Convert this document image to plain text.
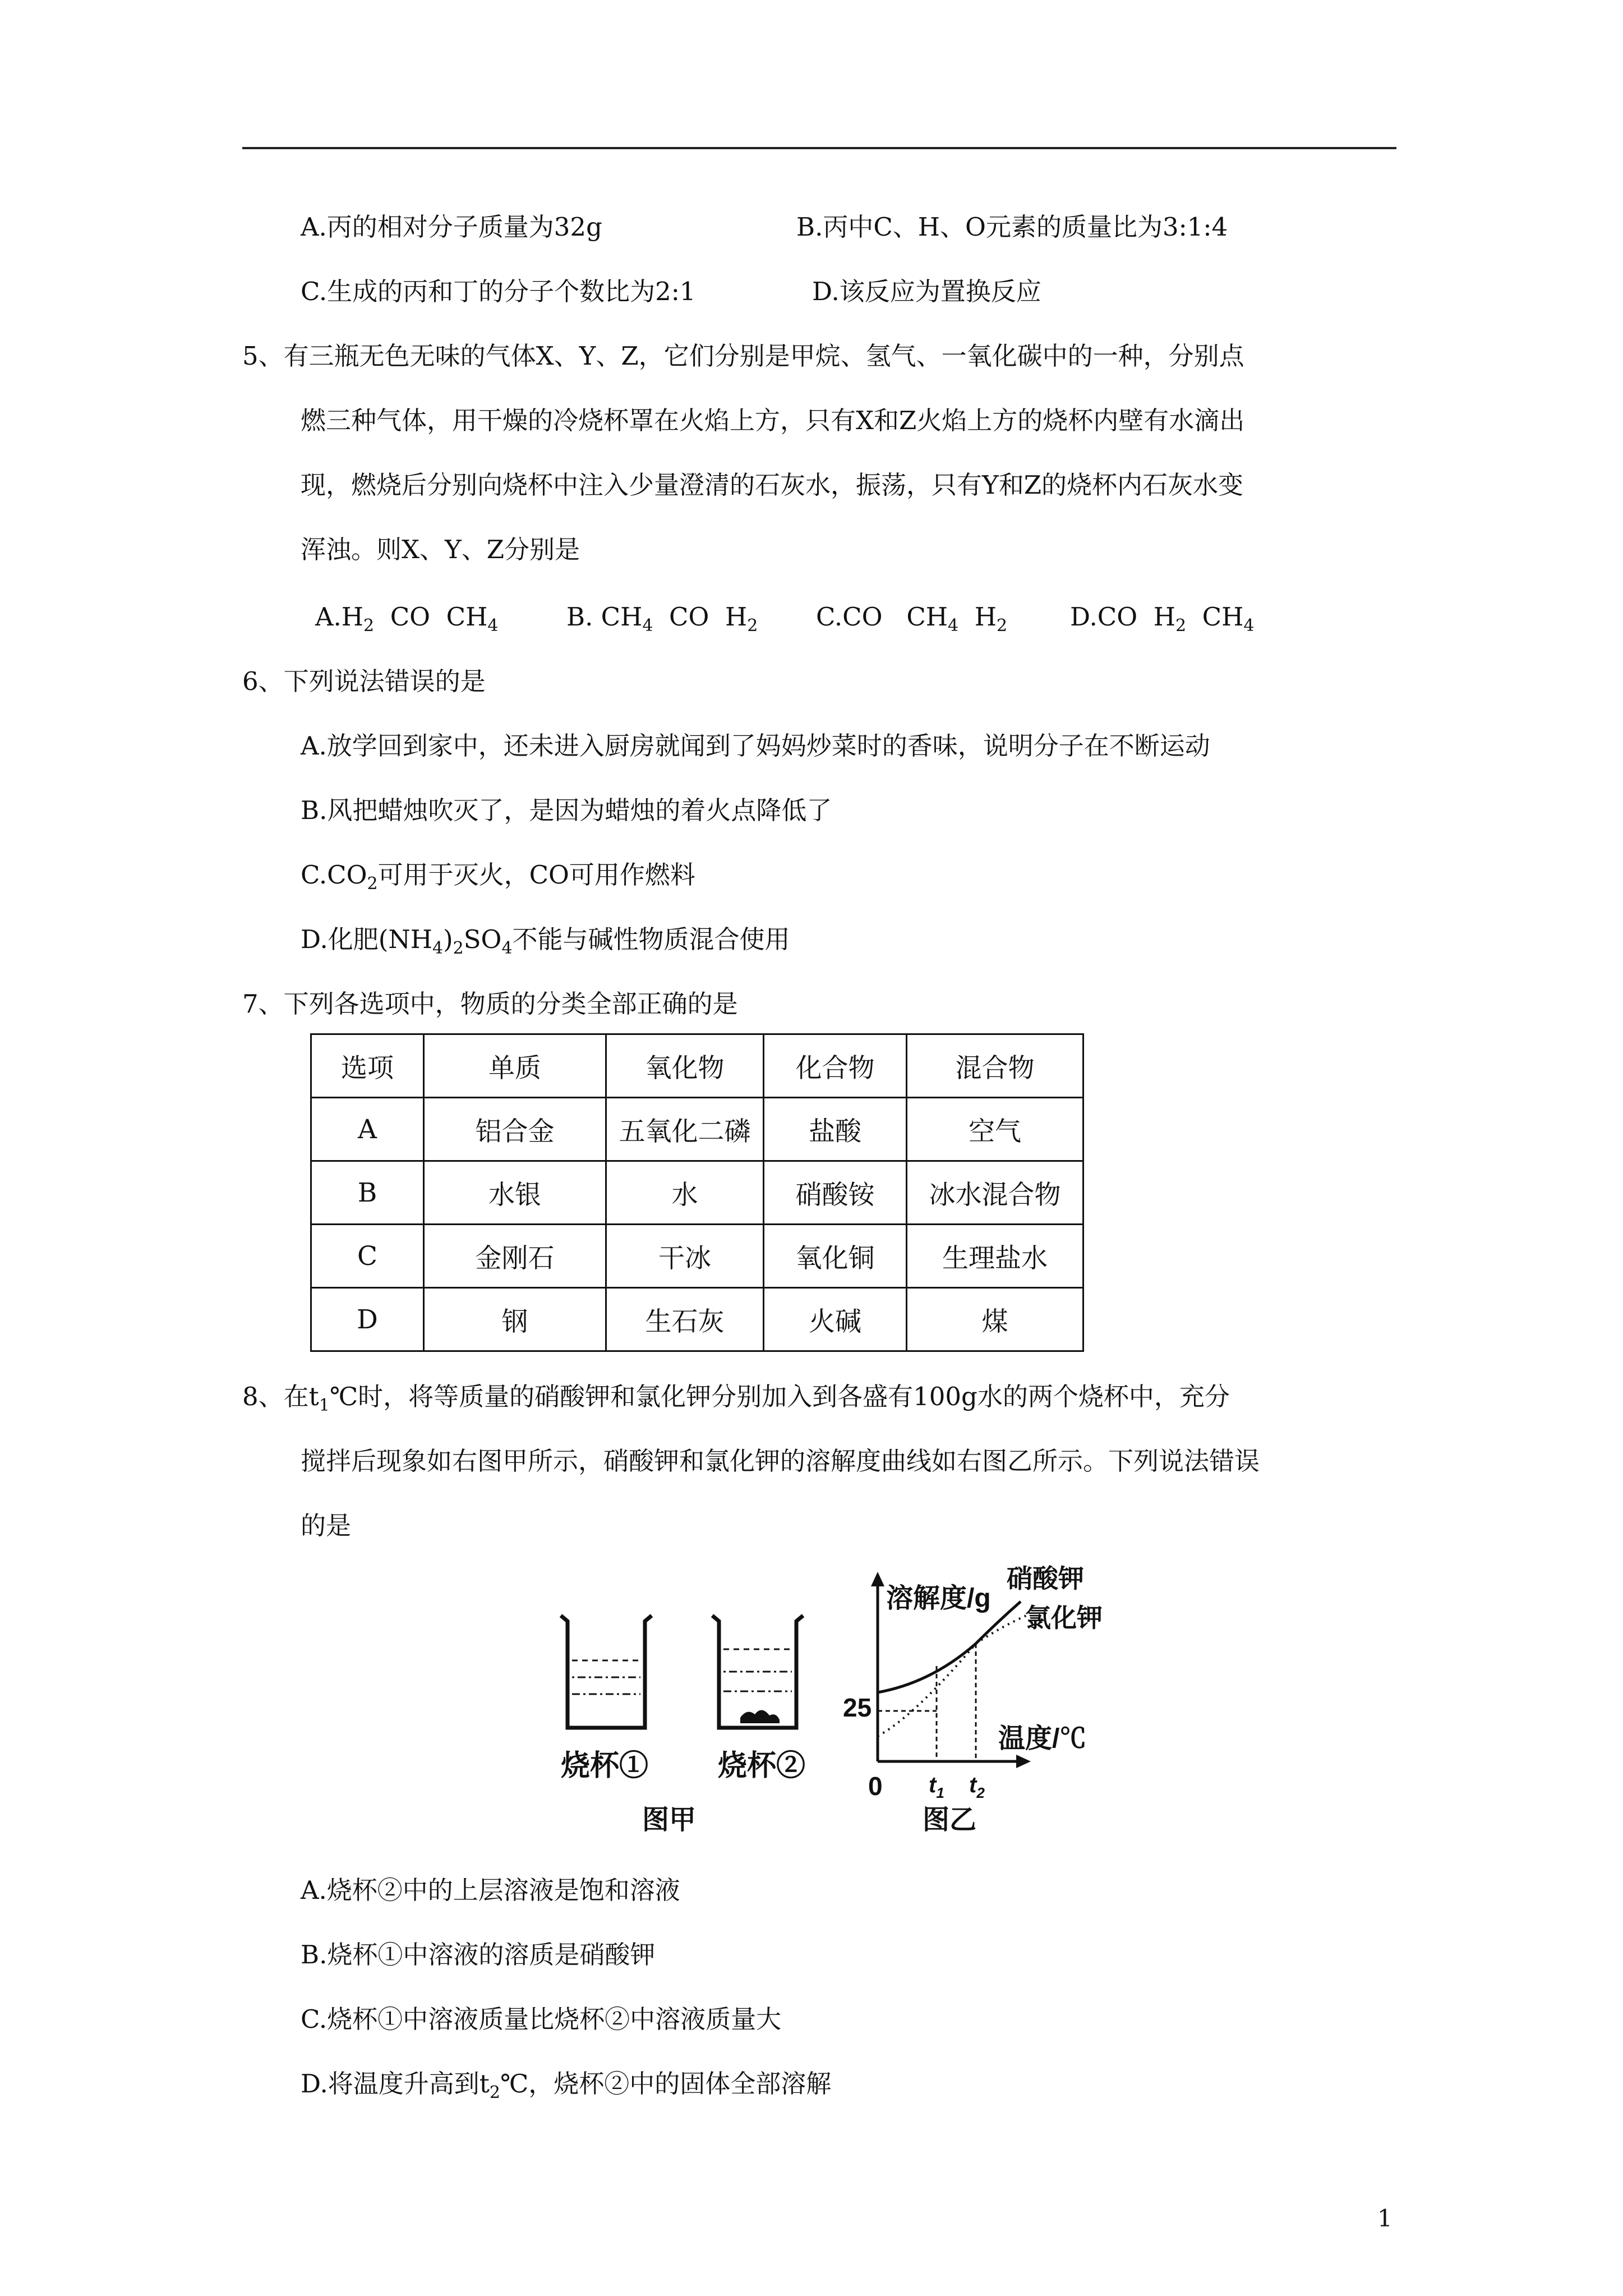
A.丙的相对分子质量为32g	B.丙中C、H、O元素的质量比为3:1:4
C.生成的丙和丁的分子个数比为2:1	D.该反应为置换反应
5、有三瓶无色无味的气体X、Y、Z，它们分别是甲烷、氢气、一氧化碳中的一种，分别点
燃三种气体，用干燥的冷烧杯罩在火焰上方，只有X和Z火焰上方的烧杯内壁有水滴出
现，燃烧后分别向烧杯中注入少量澄清的石灰水，振荡，只有Y和Z的烧杯内石灰水变
浑浊。则X、Y、Z分别是
$A.H_2$  CO  $CH_4$	B. $CH_4$  CO  $H_2$ C.CO   $CH_4$  $H_2$ D.CO  $H_2$  $CH_4$
6、下列说法错误的是
A.放学回到家中，还未进入厨房就闻到了妈妈炒菜时的香味，说明分子在不断运动
B.风把蜡烛吹灭了，是因为蜡烛的着火点降低了
$C.CO_2$可用于灭火，CO可用作燃料
D.化肥$(NH_4)_2SO_4$不能与碱性物质混合使用
7、下列各选项中，物质的分类全部正确的是
选项	单质	氧化物	化合物	混合物
A	铝合金	五氧化二磷	盐酸	空气
B	水银	水	硝酸铵	冰水混合物
C	金刚石	干冰	氧化铜	生理盐水
D	钢	生石灰	火碱	煤
8、在$t_1℃$时，将等质量的硝酸钾和氯化钾分别加入到各盛有100g水的两个烧杯中，充分
搅拌后现象如右图甲所示，硝酸钾和氯化钾的溶解度曲线如右图乙所示。下列说法错误
的是
烧杯① 烧杯②
图甲
溶解度/g
硝酸钾
氯化钾
25
温度/℃
0 $t_1$ $t_2$
图乙
A.烧杯②中的上层溶液是饱和溶液
B.烧杯①中溶液的溶质是硝酸钾
C.烧杯①中溶液质量比烧杯②中溶液质量大
D.将温度升高到$t_2℃$，烧杯②中的固体全部溶解
1
